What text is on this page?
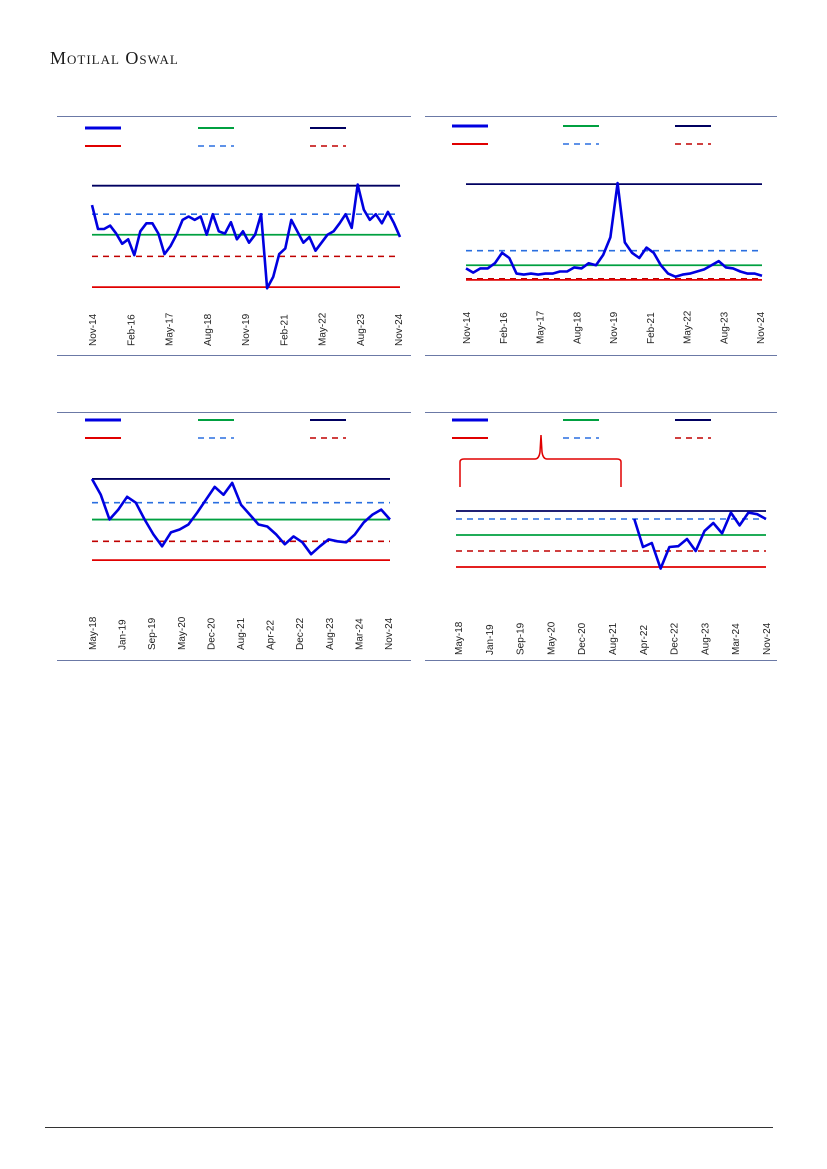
Motilal Oswal
Nov-14	Feb-16	May-17	Aug-18	Nov-19	Feb-21	May-22	Aug-23	Nov-24	Nov-14	Feb-16	May-17	Aug-18	Nov-19	Feb-21	May-22	Aug-23	Nov-24
May-18 Jan-19 Sep-19 May-20 Dec-20 Aug-21 Apr-22 Dec-22 Aug-23 Mar-24 Nov-24	May-18 Jan-19 Sep-19 May-20 Dec-20 Aug-21 Apr-22 Dec-22 Aug-23 Mar-24 Nov-24
